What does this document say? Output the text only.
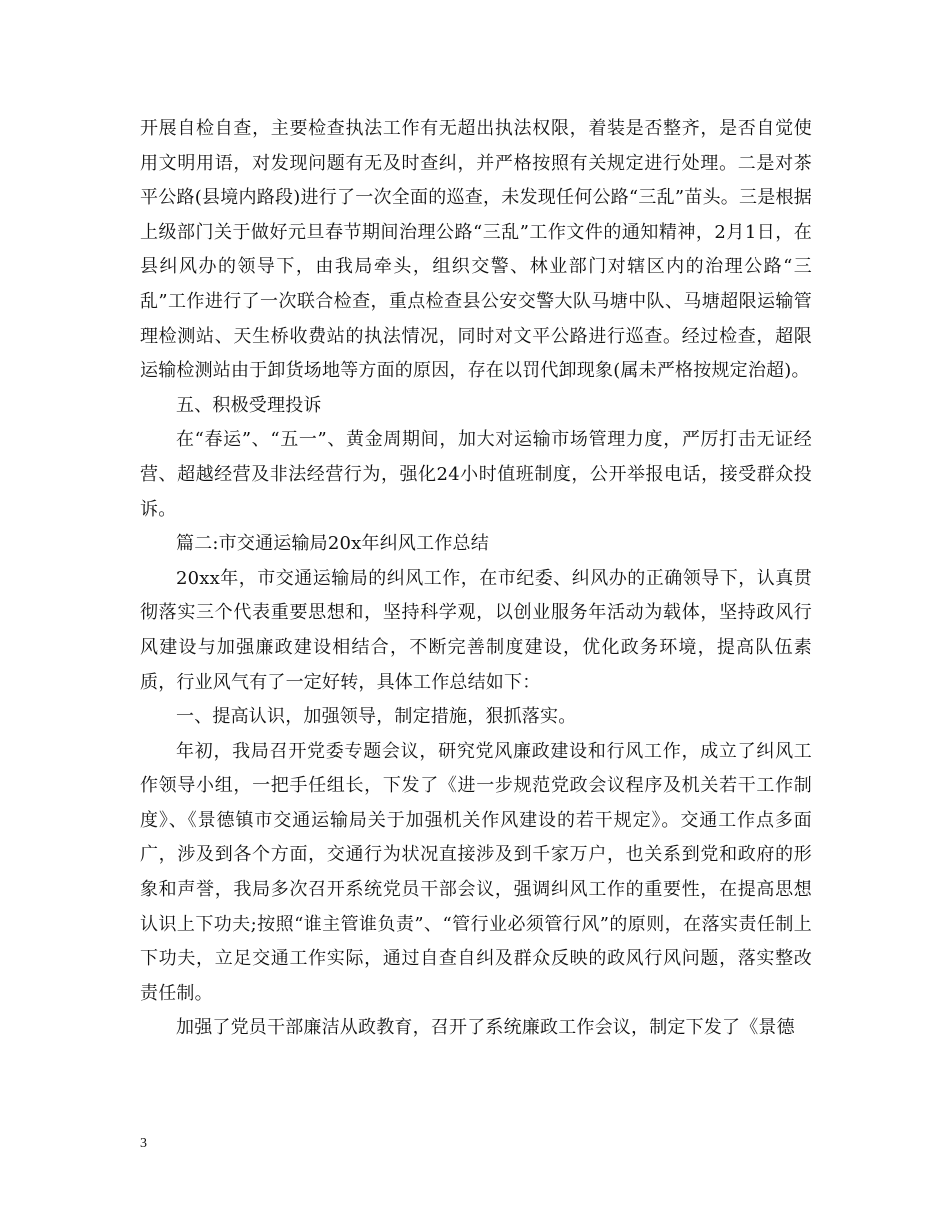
开展自检自查，主要检查执法工作有无超出执法权限，着装是否整齐，是否自觉使用文明用语，对发现问题有无及时查纠，并严格按照有关规定进行处理。二是对茶平公路(县境内路段)进行了一次全面的巡查，未发现任何公路“三乱”苗头。三是根据上级部门关于做好元旦春节期间治理公路“三乱”工作文件的通知精神，2月1日，在县纠风办的领导下，由我局牵头，组织交警、林业部门对辖区内的治理公路“三乱”工作进行了一次联合检查，重点检查县公安交警大队马塘中队、马塘超限运输管理检测站、天生桥收费站的执法情况，同时对文平公路进行巡查。经过检查，超限运输检测站由于卸货场地等方面的原因，存在以罚代卸现象(属未严格按规定治超)。

五、积极受理投诉

在“春运”、“五一”、黄金周期间，加大对运输市场管理力度，严厉打击无证经营、超越经营及非法经营行为，强化24小时值班制度，公开举报电话，接受群众投诉。

篇二:市交通运输局20x年纠风工作总结

20xx年，市交通运输局的纠风工作，在市纪委、纠风办的正确领导下，认真贯彻落实三个代表重要思想和，坚持科学观，以创业服务年活动为载体，坚持政风行风建设与加强廉政建设相结合，不断完善制度建设，优化政务环境，提高队伍素质，行业风气有了一定好转，具体工作总结如下：

一、提高认识，加强领导，制定措施，狠抓落实。

年初，我局召开党委专题会议，研究党风廉政建设和行风工作，成立了纠风工作领导小组，一把手任组长，下发了《进一步规范党政会议程序及机关若干工作制度》、《景德镇市交通运输局关于加强机关作风建设的若干规定》。交通工作点多面广，涉及到各个方面，交通行为状况直接涉及到千家万户，也关系到党和政府的形象和声誉，我局多次召开系统党员干部会议，强调纠风工作的重要性，在提高思想认识上下功夫;按照“谁主管谁负责”、“管行业必须管行风”的原则，在落实责任制上下功夫，立足交通工作实际，通过自查自纠及群众反映的政风行风问题，落实整改责任制。

加强了党员干部廉洁从政教育，召开了系统廉政工作会议，制定下发了《景德

3
